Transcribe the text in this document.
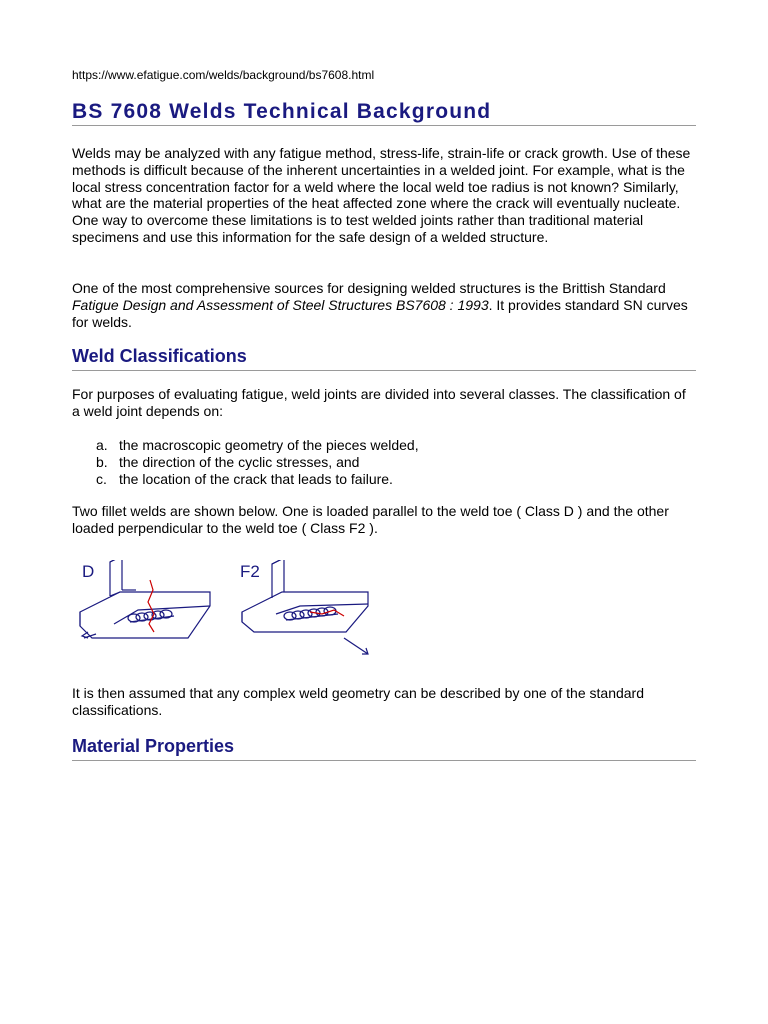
https://www.efatigue.com/welds/background/bs7608.html
BS 7608 Welds Technical Background

Welds may be analyzed with any fatigue method, stress-life, strain-life or crack growth. Use of these methods is difficult because of the inherent uncertainties in a welded joint. For example, what is the local stress concentration factor for a weld where the local weld toe radius is not known? Similarly, what are the material properties of the heat affected zone where the crack will eventually nucleate. One way to overcome these limitations is to test welded joints rather than traditional material specimens and use this information for the safe design of a welded structure.

One of the most comprehensive sources for designing welded structures is the Brittish Standard Fatigue Design and Assessment of Steel Structures BS7608 : 1993. It provides standard SN curves for welds.

Weld Classifications

For purposes of evaluating fatigue, weld joints are divided into several classes. The classification of a weld joint depends on:

a. the macroscopic geometry of the pieces welded,
b. the direction of the cyclic stresses, and
c. the location of the crack that leads to failure.

Two fillet welds are shown below. One is loaded parallel to the weld toe ( Class D ) and the other loaded perpendicular to the weld toe ( Class F2 ).

D	F2

It is then assumed that any complex weld geometry can be described by one of the standard classifications.

Material Properties
